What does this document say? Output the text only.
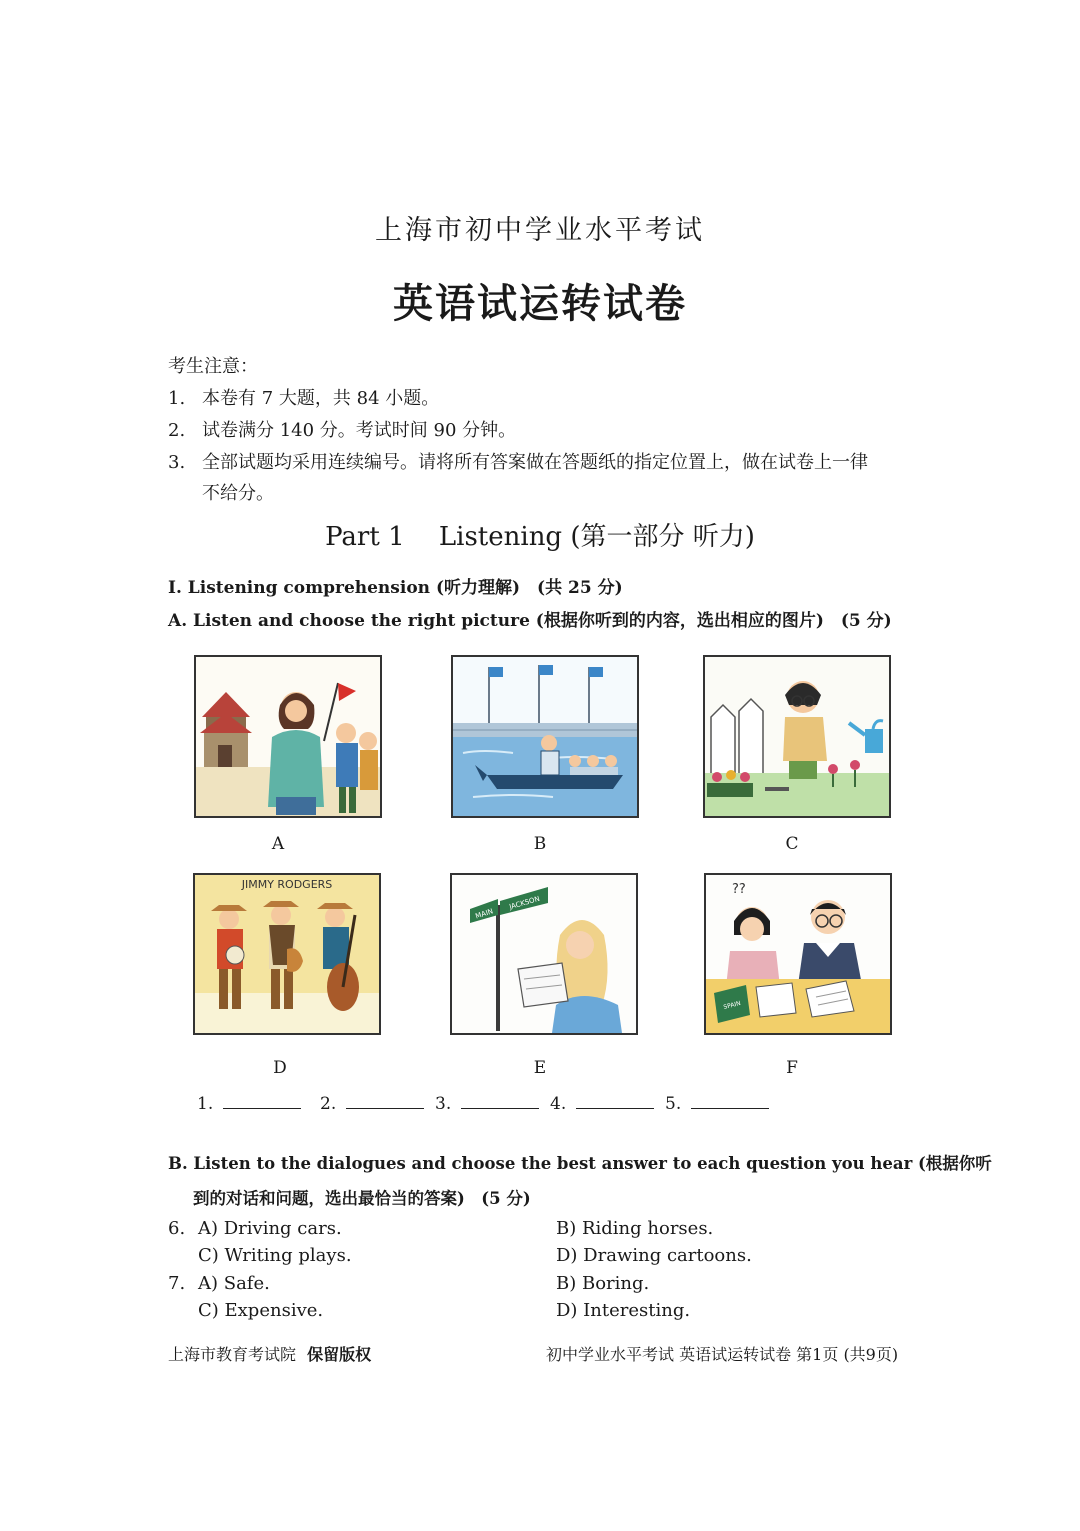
上海市初中学业水平考试
英语试运转试卷
考生注意：
1. 本卷有 7 大题，共 84 小题。
2. 试卷满分 140 分。考试时间 90 分钟。
3. 全部试题均采用连续编号。请将所有答案做在答题纸的指定位置上，做在试卷上一律
不给分。
Part 1　 Listening (第一部分 听力)
I. Listening comprehension (听力理解)　(共 25 分)
A. Listen and choose the right picture (根据你听到的内容，选出相应的图片)　(5 分)
A	B	C
JIMMY RODGERS
D
MAIN
JACKSON
E
??
SPAIN
F
1.	2.	3.	4.	5.
B. Listen to the dialogues and choose the best answer to each question you hear (根据你听
到的对话和问题，选出最恰当的答案)　(5 分)
6. A) Driving cars.	B) Riding horses.
C) Writing plays.	D) Drawing cartoons.
7. A) Safe.	B) Boring.
C) Expensive.	D) Interesting.
上海市教育考试院 保留版权	初中学业水平考试 英语试运转试卷 第1页 (共9页)
